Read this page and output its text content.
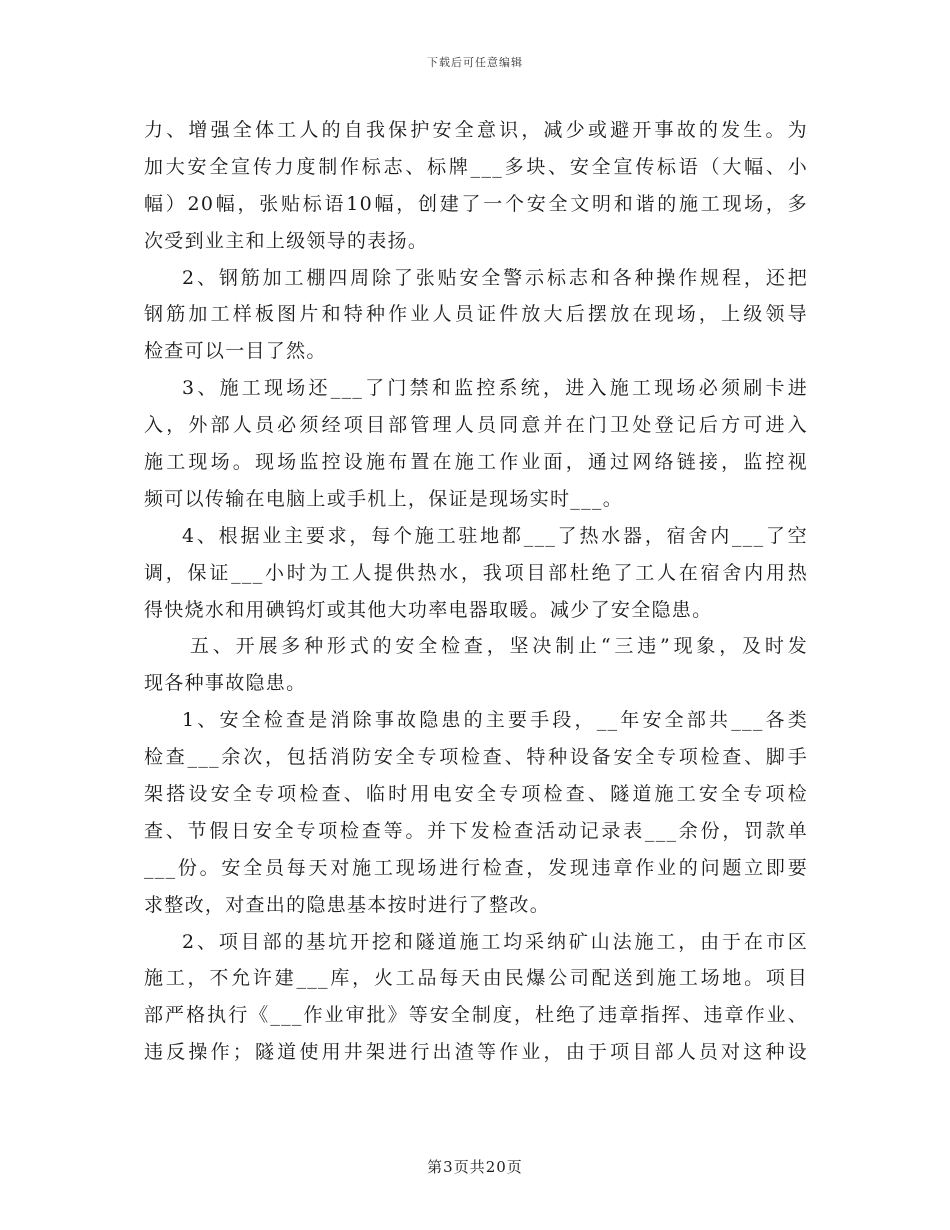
下载后可任意编辑
力、增强全体工人的自我保护安全意识，减少或避开事故的发生。为
加大安全宣传力度制作标志、标牌___多块、安全宣传标语（大幅、小
幅）20幅，张贴标语10幅，创建了一个安全文明和谐的施工现场，多
次受到业主和上级领导的表扬。
2、钢筋加工棚四周除了张贴安全警示标志和各种操作规程，还把
钢筋加工样板图片和特种作业人员证件放大后摆放在现场，上级领导
检查可以一目了然。
3、施工现场还___了门禁和监控系统，进入施工现场必须刷卡进
入，外部人员必须经项目部管理人员同意并在门卫处登记后方可进入
施工现场。现场监控设施布置在施工作业面，通过网络链接，监控视
频可以传输在电脑上或手机上，保证是现场实时___。
4、根据业主要求，每个施工驻地都___了热水器，宿舍内___了空
调，保证___小时为工人提供热水，我项目部杜绝了工人在宿舍内用热
得快烧水和用碘钨灯或其他大功率电器取暖。减少了安全隐患。
五、开展多种形式的安全检查，坚决制止“三违”现象，及时发
现各种事故隐患。
1、安全检查是消除事故隐患的主要手段，__年安全部共___各类
检查___余次，包括消防安全专项检查、特种设备安全专项检查、脚手
架搭设安全专项检查、临时用电安全专项检查、隧道施工安全专项检
查、节假日安全专项检查等。并下发检查活动记录表___余份，罚款单
___份。安全员每天对施工现场进行检查，发现违章作业的问题立即要
求整改，对查出的隐患基本按时进行了整改。
2、项目部的基坑开挖和隧道施工均采纳矿山法施工，由于在市区
施工，不允许建___库，火工品每天由民爆公司配送到施工场地。项目
部严格执行《___作业审批》等安全制度，杜绝了违章指挥、违章作业、
违反操作；隧道使用井架进行出渣等作业，由于项目部人员对这种设
第3页共20页
